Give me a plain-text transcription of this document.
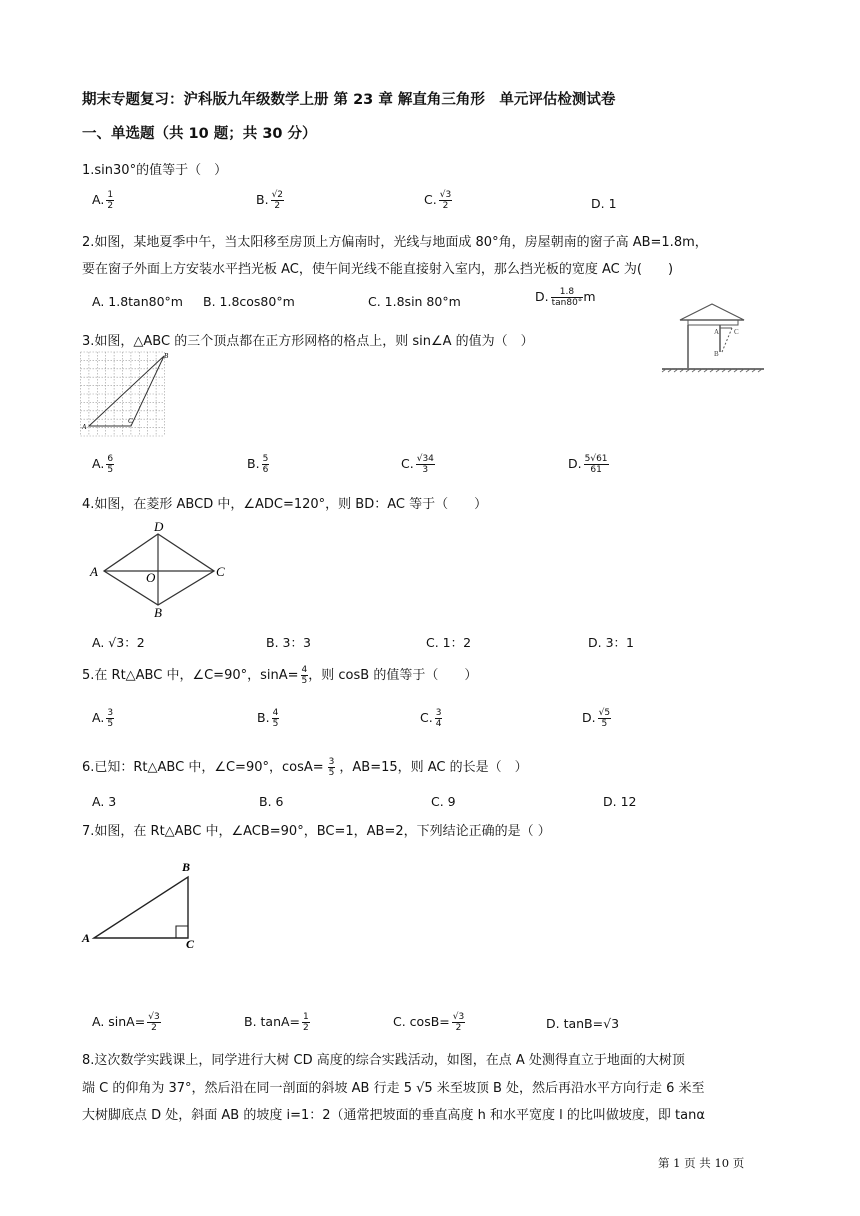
期末专题复习：沪科版九年级数学上册 第 23 章 解直角三角形　单元评估检测试卷
一、单选题（共 10 题；共 30 分）
1.sin30°的值等于（　）
A. $\frac{1}{2}$	B. $\frac{√2}{2}$	C. $\frac{√3}{2}$	D. 1
2.如图，某地夏季中午，当太阳移至房顶上方偏南时，光线与地面成 80°角，房屋朝南的窗子高 AB=1.8m，
要在窗子外面上方安装水平挡光板 AC，使午间光线不能直接射入室内，那么挡光板的宽度 AC 为(　　)
A. 1.8tan80°m B. 1.8cos80°m	C. 1.8sin 80°m	D. $\frac{1.8}{\tan 80^\circ}$ m
A
B
C
3.如图，△ABC 的三个顶点都在正方形网格的格点上，则 sin∠A 的值为（　）
A
B
C
A. $\frac{6}{5}$	B. $\frac{5}{6}$	C. $\frac{√34}{3}$	D. $\frac{5√61}{61}$
4.如图，在菱形 ABCD 中，∠ADC=120°，则 BD：AC 等于（　　）
A
D
C
B
O
A. √3：2	B. 3：3	C. 1：2	D. 3：1
5.在 Rt△ABC 中，∠C=90°，$\sin A= \frac{4}{5}$ ，则 cosB 的值等于（　　）
A. $\frac{3}{5}$	B. $\frac{4}{5}$	C. $\frac{3}{4}$	D. $\frac{√5}{5}$
6.已知：Rt△ABC 中，∠C=90°，$\cos A= \frac{3}{5}$ ，AB=15，则 AC 的长是（　）
A. 3	B. 6	C. 9	D. 12
7.如图，在 Rt△ABC 中，∠ACB=90°，BC=1，AB=2，下列结论正确的是（ ）
A
B
C
A. $\sin A= \frac{√3}{2}$	B. $\tan A= \frac{1}{2}$	C. $\cos B= \frac{√3}{2}$	D. tanB=√3
8.这次数学实践课上，同学进行大树 CD 高度的综合实践活动，如图，在点 A 处测得直立于地面的大树顶
端 C 的仰角为 37°，然后沿在同一剖面的斜坡 AB 行走 5 √5 米至坡顶 B 处，然后再沿水平方向行走 6 米至
大树脚底点 D 处，斜面 AB 的坡度 i=1：2（通常把坡面的垂直高度 h 和水平宽度 l 的比叫做坡度，即 tanα
第 1 页 共 10 页
